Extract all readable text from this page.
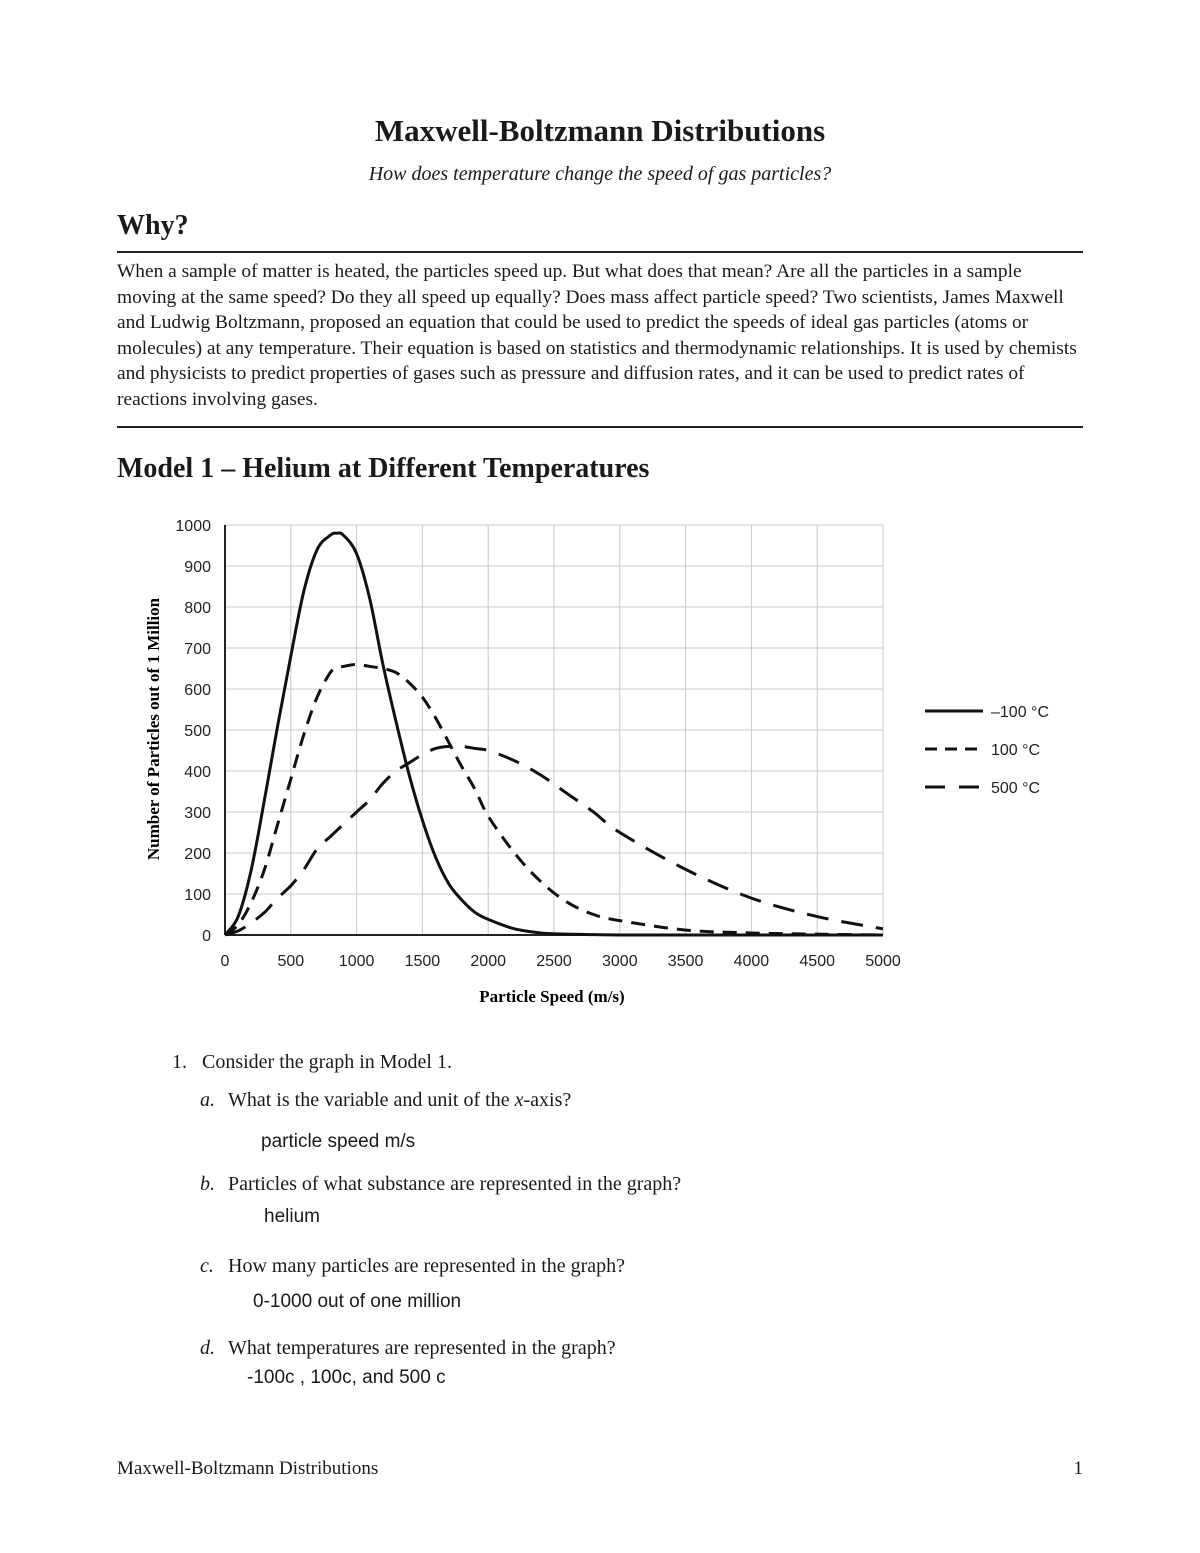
Maxwell-Boltzmann Distributions

How does temperature change the speed of gas particles?

Why?

When a sample of matter is heated, the particles speed up. But what does that mean? Are all the particles in a sample moving at the same speed? Do they all speed up equally? Does mass affect particle speed? Two scientists, James Maxwell and Ludwig Boltzmann, proposed an equation that could be used to predict the speeds of ideal gas particles (atoms or molecules) at any temperature. Their equation is based on statistics and thermodynamic relationships. It is used by chemists and physicists to predict properties of gases such as pressure and diffusion rates, and it can be used to predict rates of reactions involving gases.

Model 1 – Helium at Different Temperatures
0	500 1000 1500 2000 2500 3000 3500 4000 4500 5000
0
100
200
300
400
500
600
700
800
900
1000
–100 °C
100 °C
500 °C
Particle Speed (m/s)
Number of Particles out of 1 Million

1. Consider the graph in Model 1.

a. What is the variable and unit of the x-axis?

particle speed m/s

b. Particles of what substance are represented in the graph?

helium

c. How many particles are represented in the graph?

0-1000 out of one million

d. What temperatures are represented in the graph?

-100c , 100c, and 500 c

Maxwell-Boltzmann Distributions	1
